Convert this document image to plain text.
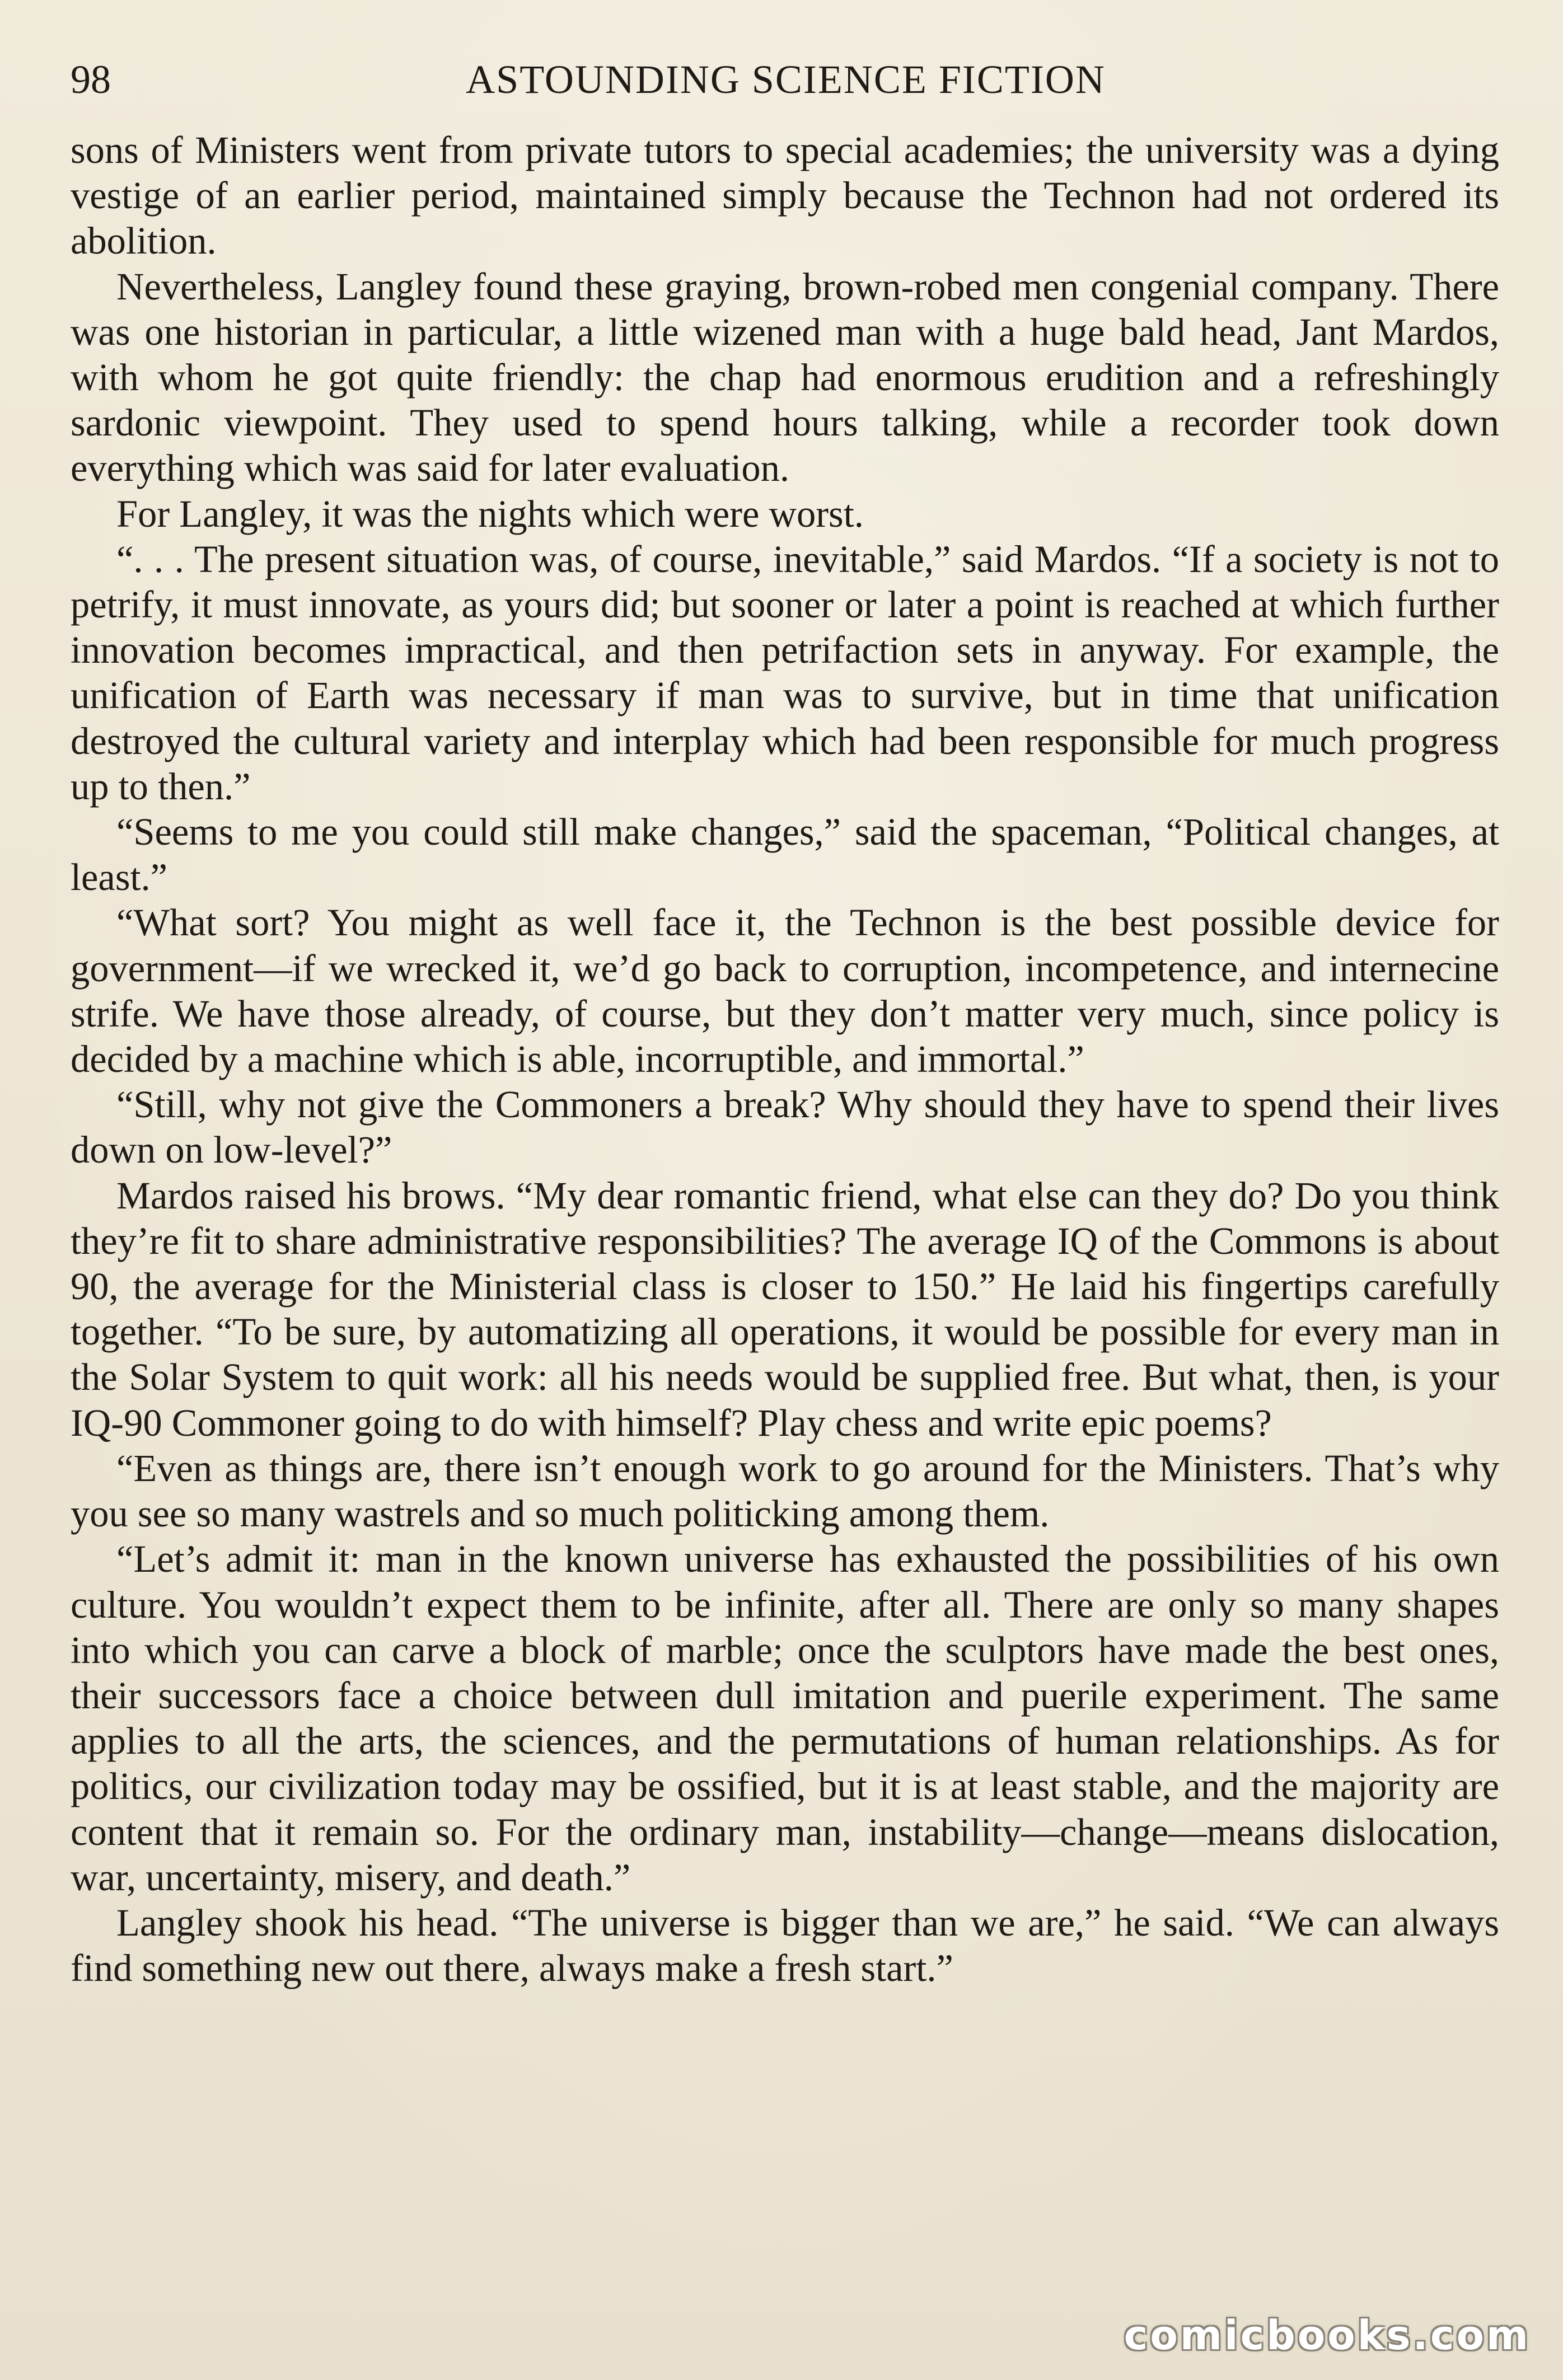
98	ASTOUNDING SCIENCE FICTION

sons of Ministers went from private tutors to special academies; the university was a dying vestige of an earlier period, maintained simply because the Technon had not ordered its abolition.

Nevertheless, Langley found these graying, brown-robed men congenial company. There was one historian in particular, a little wizened man with a huge bald head, Jant Mardos, with whom he got quite friendly: the chap had enormous erudition and a refreshingly sardonic viewpoint. They used to spend hours talking, while a recorder took down everything which was said for later evaluation.

For Langley, it was the nights which were worst.

“. . . The present situation was, of course, inevitable,” said Mardos. “If a society is not to petrify, it must innovate, as yours did; but sooner or later a point is reached at which further innovation becomes impractical, and then petrifaction sets in anyway. For example, the unification of Earth was necessary if man was to survive, but in time that unification destroyed the cultural variety and interplay which had been responsible for much progress up to then.”

“Seems to me you could still make changes,” said the spaceman, “Political changes, at least.”

“What sort? You might as well face it, the Technon is the best possible device for government—if we wrecked it, we’d go back to corruption, incompetence, and internecine strife. We have those already, of course, but they don’t matter very much, since policy is decided by a machine which is able, incorruptible, and immortal.”

“Still, why not give the Commoners a break? Why should they have to spend their lives down on low-level?”

Mardos raised his brows. “My dear romantic friend, what else can they do? Do you think they’re fit to share administrative responsibilities? The average IQ of the Commons is about 90, the average for the Ministerial class is closer to 150.” He laid his fingertips carefully together. “To be sure, by automatizing all operations, it would be possible for every man in the Solar System to quit work: all his needs would be supplied free. But what, then, is your IQ-90 Commoner going to do with himself? Play chess and write epic poems?

“Even as things are, there isn’t enough work to go around for the Ministers. That’s why you see so many wastrels and so much politicking among them.

“Let’s admit it: man in the known universe has exhausted the possibilities of his own culture. You wouldn’t expect them to be infinite, after all. There are only so many shapes into which you can carve a block of marble; once the sculptors have made the best ones, their successors face a choice between dull imitation and puerile experiment. The same applies to all the arts, the sciences, and the permutations of human relationships. As for politics, our civilization today may be ossified, but it is at least stable, and the majority are content that it remain so. For the ordinary man, instability—change—means dislocation, war, uncertainty, misery, and death.”

Langley shook his head. “The universe is bigger than we are,” he said. “We can always find something new out there, always make a fresh start.”

comicbooks.com
